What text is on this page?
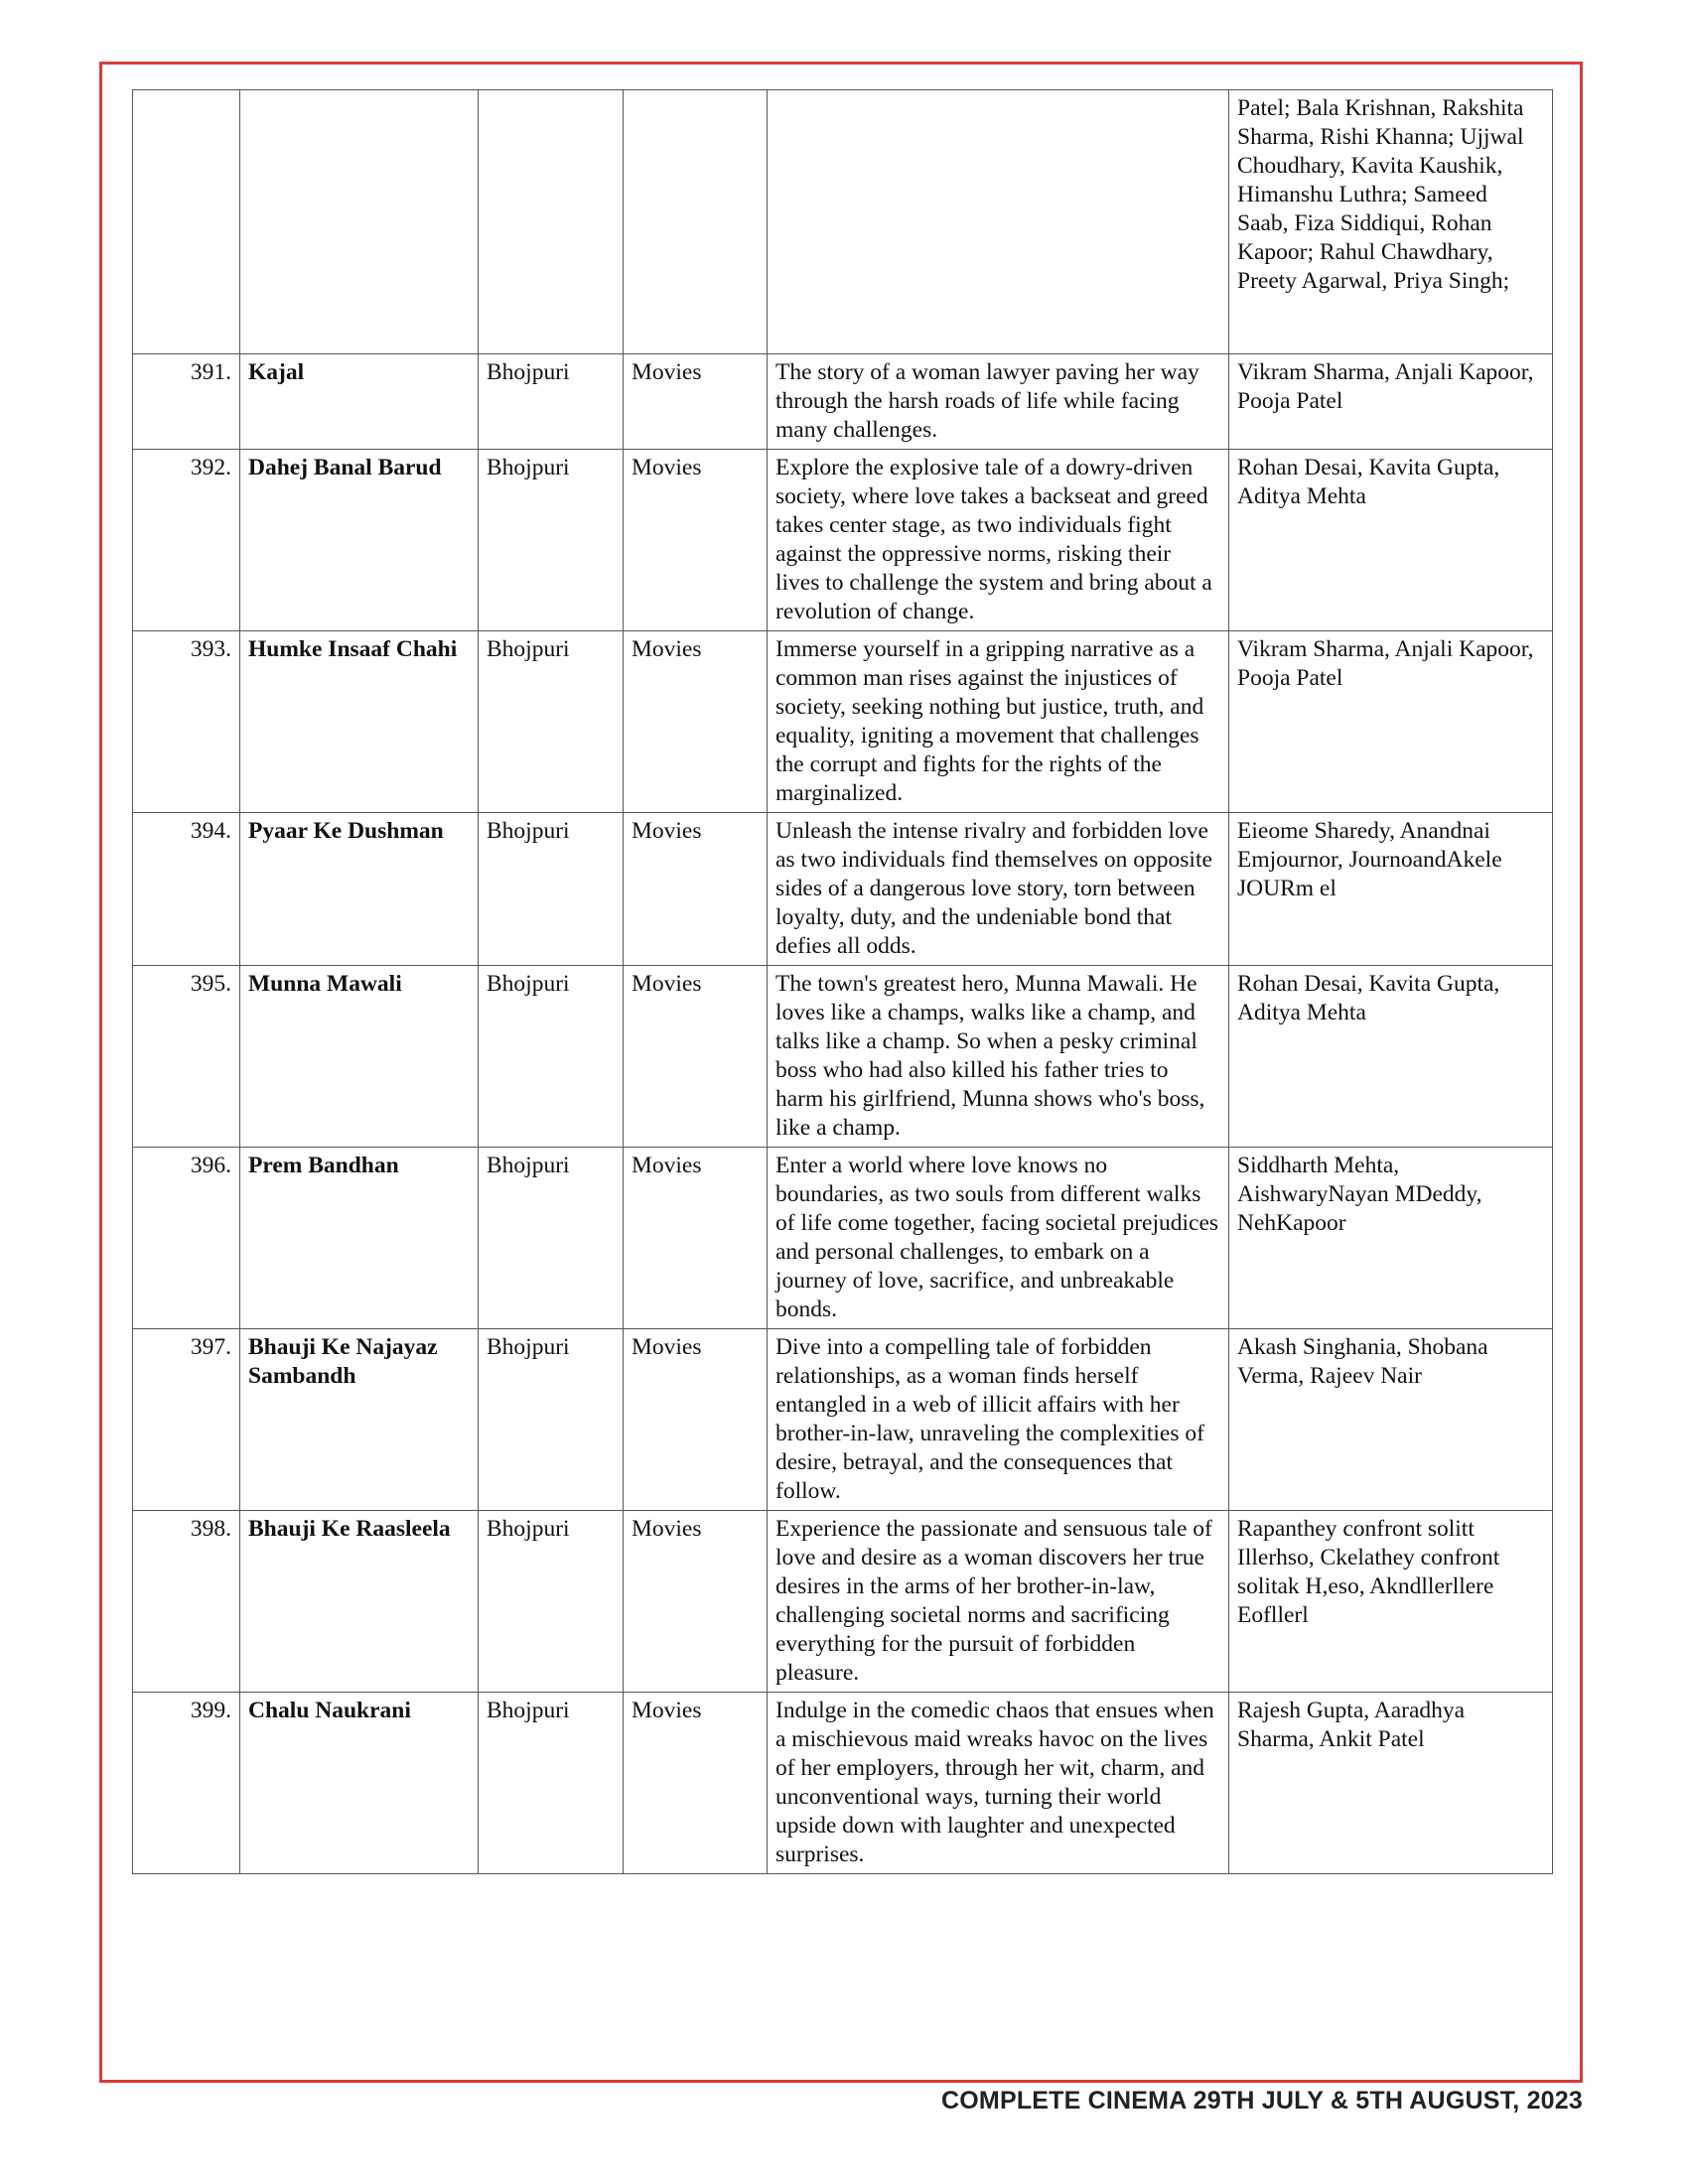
					Patel; Bala Krishnan, Rakshita Sharma, Rishi Khanna; Ujjwal Choudhary, Kavita Kaushik, Himanshu Luthra; Sameed Saab, Fiza Siddiqui, Rohan Kapoor; Rahul Chawdhary, Preety Agarwal, Priya Singh;
391.	Kajal	Bhojpuri	Movies	The story of a woman lawyer paving her way through the harsh roads of life while facing many challenges.	Vikram Sharma, Anjali Kapoor, Pooja Patel
392.	Dahej Banal Barud	Bhojpuri	Movies	Explore the explosive tale of a dowry-driven society, where love takes a backseat and greed takes center stage, as two individuals fight against the oppressive norms, risking their lives to challenge the system and bring about a revolution of change.	Rohan Desai, Kavita Gupta, Aditya Mehta
393.	Humke Insaaf Chahi	Bhojpuri	Movies	Immerse yourself in a gripping narrative as a common man rises against the injustices of society, seeking nothing but justice, truth, and equality, igniting a movement that challenges the corrupt and fights for the rights of the marginalized.	Vikram Sharma, Anjali Kapoor, Pooja Patel
394.	Pyaar Ke Dushman	Bhojpuri	Movies	Unleash the intense rivalry and forbidden love as two individuals find themselves on opposite sides of a dangerous love story, torn between loyalty, duty, and the undeniable bond that defies all odds.	Eieome Sharedy, Anandnai Emjournor, JournoandAkele JOURm el
395.	Munna Mawali	Bhojpuri	Movies	The town's greatest hero, Munna Mawali. He loves like a champs, walks like a champ, and talks like a champ. So when a pesky criminal boss who had also killed his father tries to harm his girlfriend, Munna shows who's boss, like a champ.	Rohan Desai, Kavita Gupta, Aditya Mehta
396.	Prem Bandhan	Bhojpuri	Movies	Enter a world where love knows no boundaries, as two souls from different walks of life come together, facing societal prejudices and personal challenges, to embark on a journey of love, sacrifice, and unbreakable bonds.	Siddharth Mehta, AishwaryNayan MDeddy, NehKapoor
397.	Bhauji Ke Najayaz Sambandh	Bhojpuri	Movies	Dive into a compelling tale of forbidden relationships, as a woman finds herself entangled in a web of illicit affairs with her brother-in-law, unraveling the complexities of desire, betrayal, and the consequences that follow.	Akash Singhania, Shobana Verma, Rajeev Nair
398.	Bhauji Ke Raasleela	Bhojpuri	Movies	Experience the passionate and sensuous tale of love and desire as a woman discovers her true desires in the arms of her brother-in-law, challenging societal norms and sacrificing everything for the pursuit of forbidden pleasure.	Rapanthey confront solitt Illerhso, Ckelathey confront solitak H,eso, Akndllerllere Eofllerl
399.	Chalu Naukrani	Bhojpuri	Movies	Indulge in the comedic chaos that ensues when a mischievous maid wreaks havoc on the lives of her employers, through her wit, charm, and unconventional ways, turning their world upside down with laughter and unexpected surprises.	Rajesh Gupta, Aaradhya Sharma, Ankit Patel
COMPLETE CINEMA 29TH JULY & 5TH AUGUST, 2023
